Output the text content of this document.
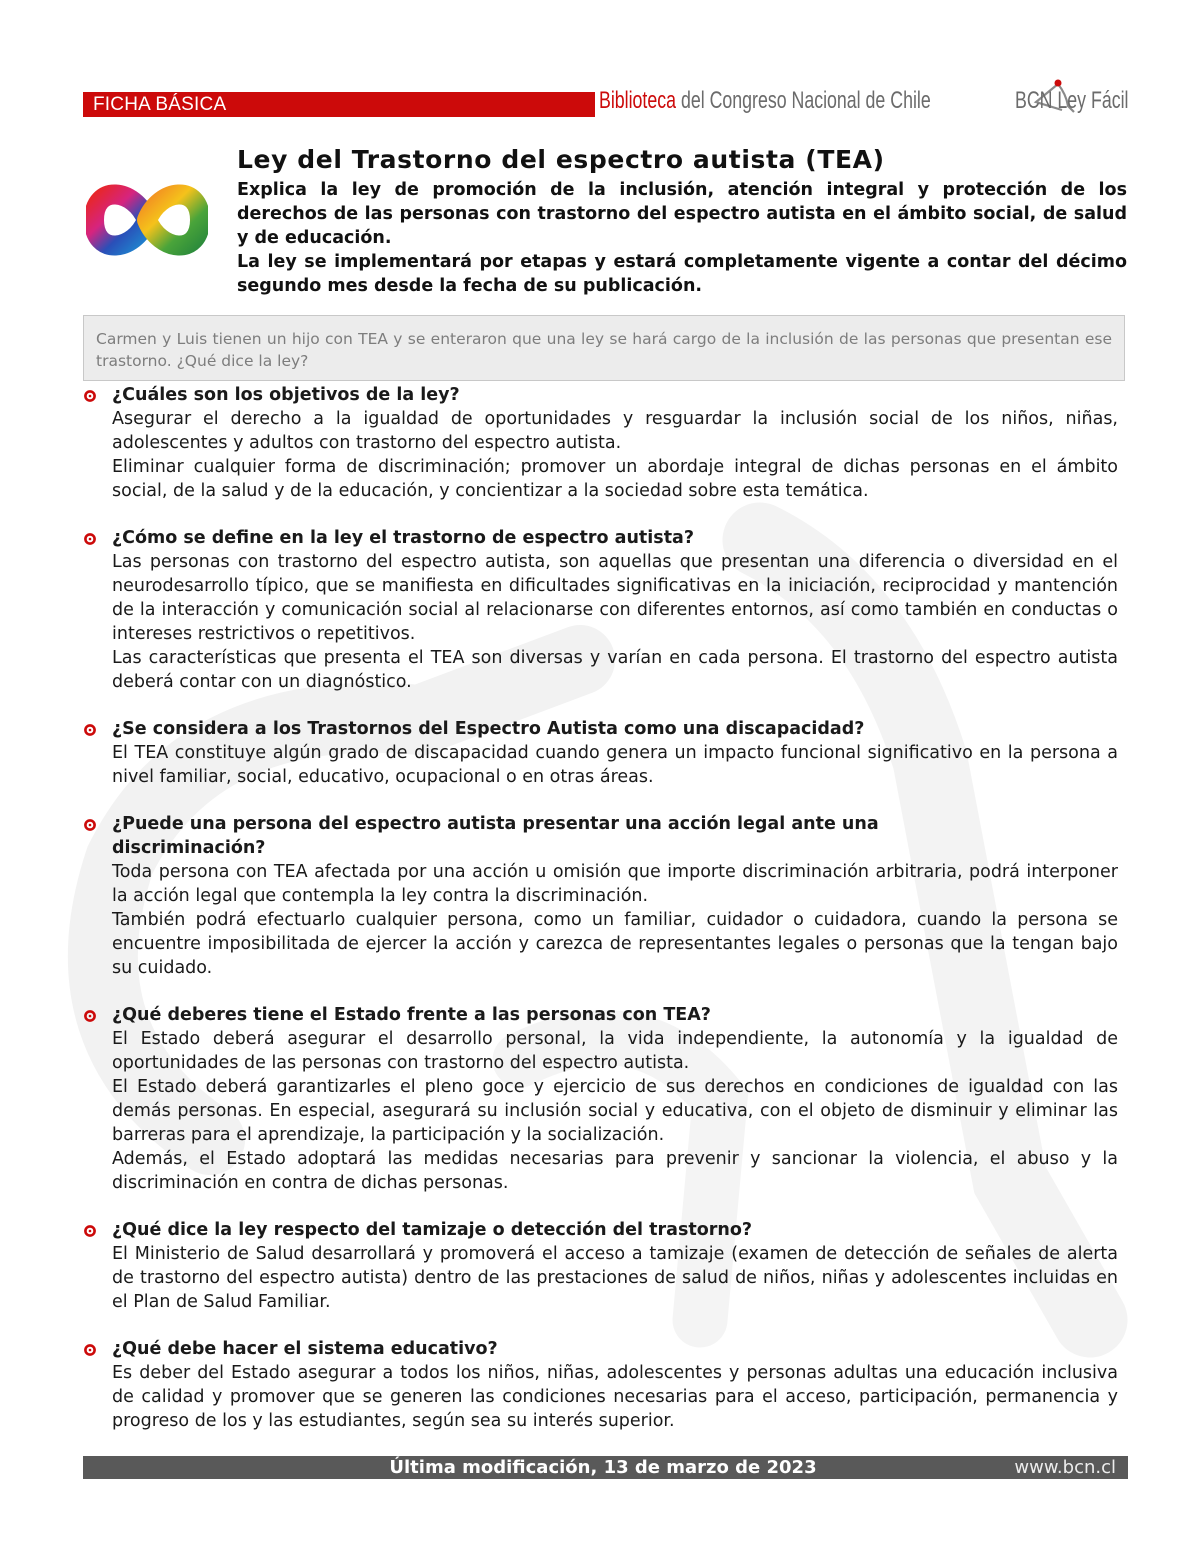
FICHA BÁSICA	Biblioteca del Congreso Nacional de Chile	BCN Ley Fácil
Ley del Trastorno del espectro autista (TEA)

Explica la ley de promoción de la inclusión, atención integral y protección de los derechos de las personas con trastorno del espectro autista en el ámbito social, de salud y de educación.

La ley se implementará por etapas y estará completamente vigente a contar del décimo segundo mes desde la fecha de su publicación.

Carmen y Luis tienen un hijo con TEA y se enteraron que una ley se hará cargo de la inclusión de las personas que presentan ese trastorno. ¿Qué dice la ley?

¿Cuáles son los objetivos de la ley?

Asegurar el derecho a la igualdad de oportunidades y resguardar la inclusión social de los niños, niñas, adolescentes y adultos con trastorno del espectro autista.

Eliminar cualquier forma de discriminación; promover un abordaje integral de dichas personas en el ámbito social, de la salud y de la educación, y concientizar a la sociedad sobre esta temática.

¿Cómo se define en la ley el trastorno de espectro autista?

Las personas con trastorno del espectro autista, son aquellas que presentan una diferencia o diversidad en el neurodesarrollo típico, que se manifiesta en dificultades significativas en la iniciación, reciprocidad y mantención de la interacción y comunicación social al relacionarse con diferentes entornos, así como también en conductas o intereses restrictivos o repetitivos.

Las características que presenta el TEA son diversas y varían en cada persona. El trastorno del espectro autista deberá contar con un diagnóstico.

¿Se considera a los Trastornos del Espectro Autista como una discapacidad?

El TEA constituye algún grado de discapacidad cuando genera un impacto funcional significativo en la persona a nivel familiar, social, educativo, ocupacional o en otras áreas.

¿Puede una persona del espectro autista presentar una acción legal ante una discriminación?

Toda persona con TEA afectada por una acción u omisión que importe discriminación arbitraria, podrá interponer la acción legal que contempla la ley contra la discriminación.

También podrá efectuarlo cualquier persona, como un familiar, cuidador o cuidadora, cuando la persona se encuentre imposibilitada de ejercer la acción y carezca de representantes legales o personas que la tengan bajo su cuidado.

¿Qué deberes tiene el Estado frente a las personas con TEA?

El Estado deberá asegurar el desarrollo personal, la vida independiente, la autonomía y la igualdad de oportunidades de las personas con trastorno del espectro autista.

El Estado deberá garantizarles el pleno goce y ejercicio de sus derechos en condiciones de igualdad con las demás personas. En especial, asegurará su inclusión social y educativa, con el objeto de disminuir y eliminar las barreras para el aprendizaje, la participación y la socialización.

Además, el Estado adoptará las medidas necesarias para prevenir y sancionar la violencia, el abuso y la discriminación en contra de dichas personas.

¿Qué dice la ley respecto del tamizaje o detección del trastorno?

El Ministerio de Salud desarrollará y promoverá el acceso a tamizaje (examen de detección de señales de alerta de trastorno del espectro autista) dentro de las prestaciones de salud de niños, niñas y adolescentes incluidas en el Plan de Salud Familiar.

¿Qué debe hacer el sistema educativo?

Es deber del Estado asegurar a todos los niños, niñas, adolescentes y personas adultas una educación inclusiva de calidad y promover que se generen las condiciones necesarias para el acceso, participación, permanencia y progreso de los y las estudiantes, según sea su interés superior.

Última modificación, 13 de marzo de 2023	www.bcn.cl
